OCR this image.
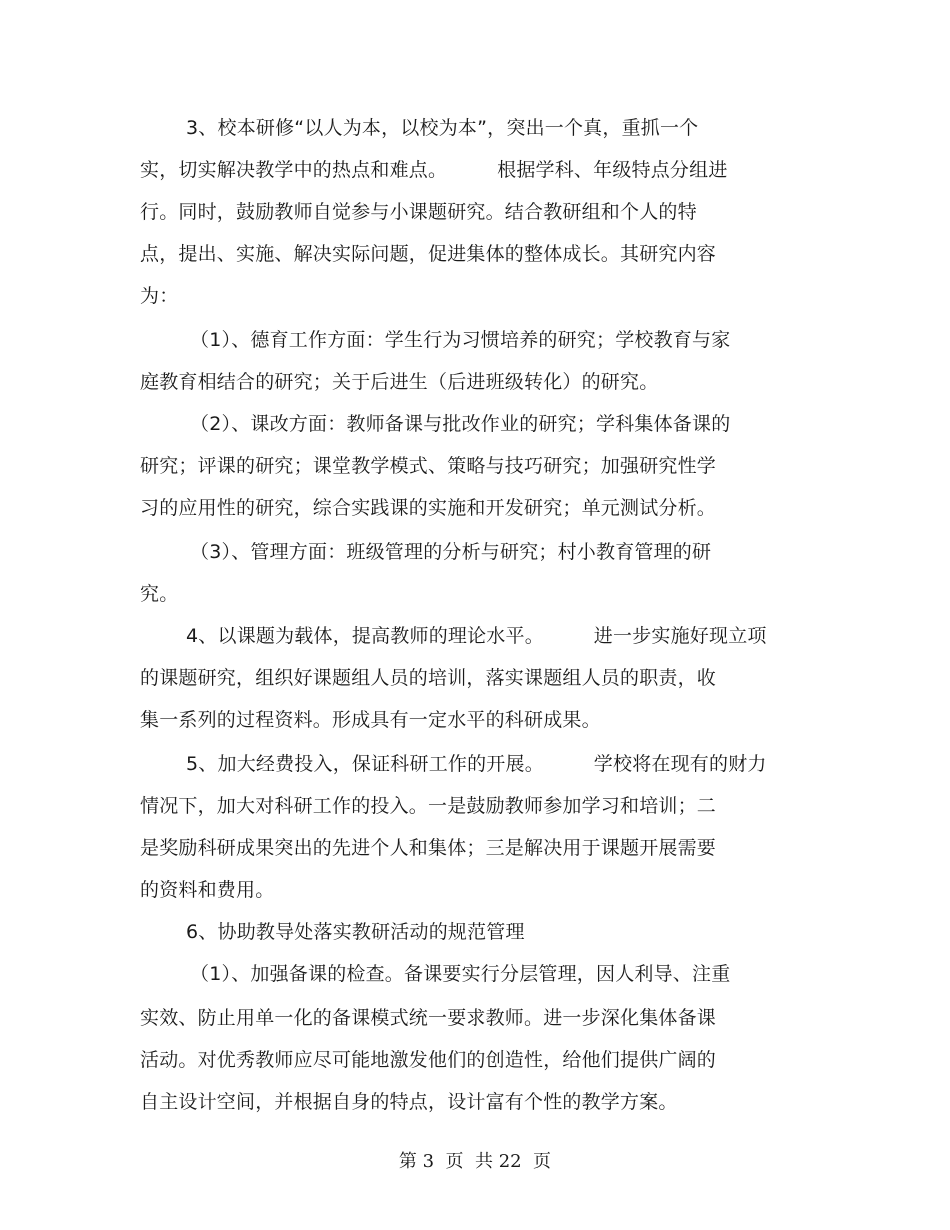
3、校本研修“以人为本，以校为本”，突出一个真，重抓一个
实，切实解决教学中的热点和难点。        根据学科、年级特点分组进
行。同时，鼓励教师自觉参与小课题研究。结合教研组和个人的特
点，提出、实施、解决实际问题，促进集体的整体成长。其研究内容
为：
（1）、德育工作方面：学生行为习惯培养的研究；学校教育与家
庭教育相结合的研究；关于后进生（后进班级转化）的研究。
（2）、课改方面：教师备课与批改作业的研究；学科集体备课的
研究；评课的研究；课堂教学模式、策略与技巧研究；加强研究性学
习的应用性的研究，综合实践课的实施和开发研究；单元测试分析。
（3）、管理方面：班级管理的分析与研究；村小教育管理的研
究。
4、以课题为载体，提高教师的理论水平。        进一步实施好现立项
的课题研究，组织好课题组人员的培训，落实课题组人员的职责，收
集一系列的过程资料。形成具有一定水平的科研成果。
5、加大经费投入，保证科研工作的开展。        学校将在现有的财力
情况下，加大对科研工作的投入。一是鼓励教师参加学习和培训；二
是奖励科研成果突出的先进个人和集体；三是解决用于课题开展需要
的资料和费用。
6、协助教导处落实教研活动的规范管理
（1）、加强备课的检查。备课要实行分层管理，因人利导、注重
实效、防止用单一化的备课模式统一要求教师。进一步深化集体备课
活动。对优秀教师应尽可能地激发他们的创造性，给他们提供广阔的
自主设计空间，并根据自身的特点，设计富有个性的教学方案。
第 3  页  共 22  页
